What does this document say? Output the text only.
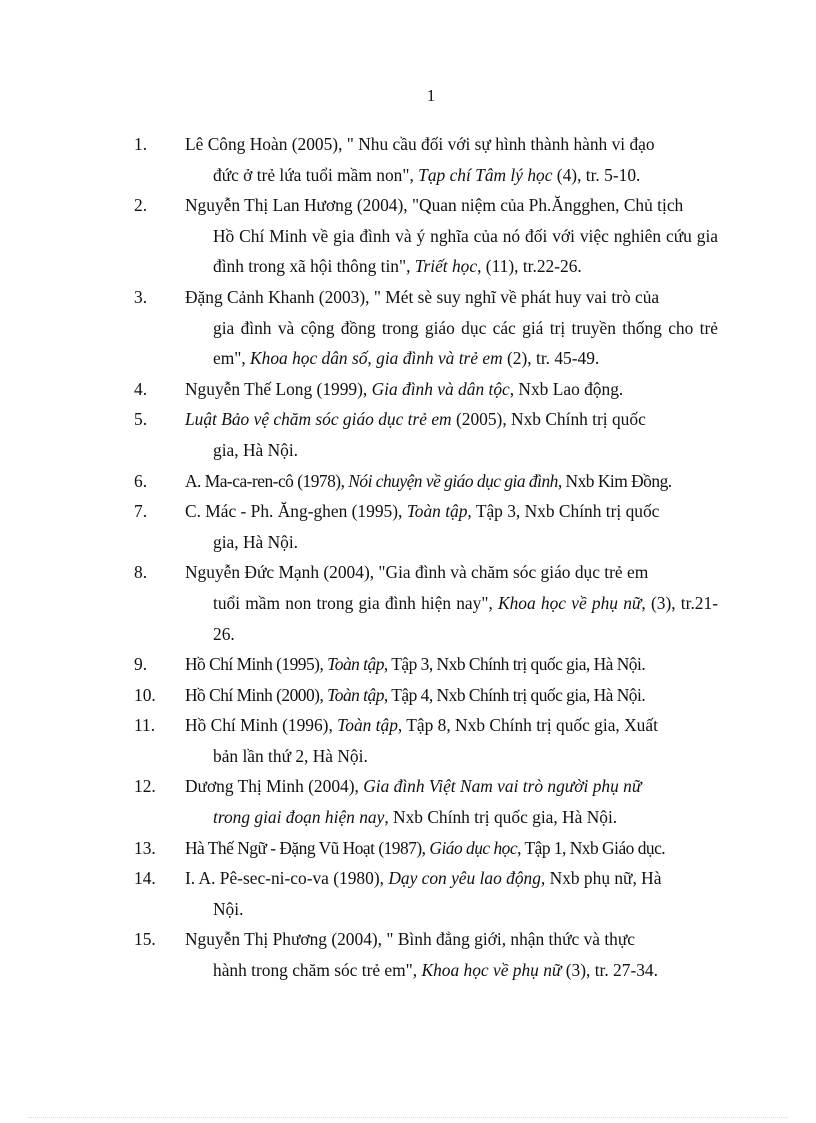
1
1. Lê Công Hoàn (2005), " Nhu cầu đối với sự hình thành hành vi đạo
đức ở trẻ lứa tuổi mầm non", Tạp chí Tâm lý học (4), tr. 5-10.
2. Nguyễn Thị Lan Hương (2004), "Quan niệm của Ph.Ăngghen, Chủ tịch
Hồ Chí Minh về gia đình và ý nghĩa của nó đối với việc nghiên cứu gia đình trong xã hội thông tin", Triết học, (11), tr.22-26.
3. Đặng Cảnh Khanh (2003), " Mét sè suy nghĩ về phát huy vai trò của
gia đình và cộng đồng trong giáo dục các giá trị truyền thống cho trẻ em", Khoa học dân số, gia đình và trẻ em (2), tr. 45-49.
4. Nguyễn Thế Long (1999), Gia đình và dân tộc, Nxb Lao động.
5. Luật Bảo vệ chăm sóc giáo dục trẻ em (2005), Nxb Chính trị quốc
gia, Hà Nội.
6. A. Ma-ca-ren-cô (1978), Nói chuyện về giáo dục gia đình, Nxb Kim Đồng.
7. C. Mác - Ph. Ăng-ghen (1995), Toàn tập, Tập 3, Nxb Chính trị quốc
gia, Hà Nội.
8. Nguyễn Đức Mạnh (2004), "Gia đình và chăm sóc giáo dục trẻ em
tuổi mầm non trong gia đình hiện nay", Khoa học về phụ nữ, (3), tr.21-26.
9. Hồ Chí Minh (1995), Toàn tập, Tập 3, Nxb Chính trị quốc gia, Hà Nội.
10. Hồ Chí Minh (2000), Toàn tập, Tập 4, Nxb Chính trị quốc gia, Hà Nội.
11. Hồ Chí Minh (1996), Toàn tập, Tập 8, Nxb Chính trị quốc gia, Xuất
bản lần thứ 2, Hà Nội.
12. Dương Thị Minh (2004), Gia đình Việt Nam vai trò người phụ nữ
trong giai đoạn hiện nay, Nxb Chính trị quốc gia, Hà Nội.
13. Hà Thế Ngữ - Đặng Vũ Hoạt (1987), Giáo dục học, Tập 1, Nxb Giáo dục.
14. I. A. Pê-sec-ni-co-va (1980), Dạy con yêu lao động, Nxb phụ nữ, Hà
Nội.
15. Nguyễn Thị Phương (2004), " Bình đẳng giới, nhận thức và thực
hành trong chăm sóc trẻ em", Khoa học về phụ nữ (3), tr. 27-34.
